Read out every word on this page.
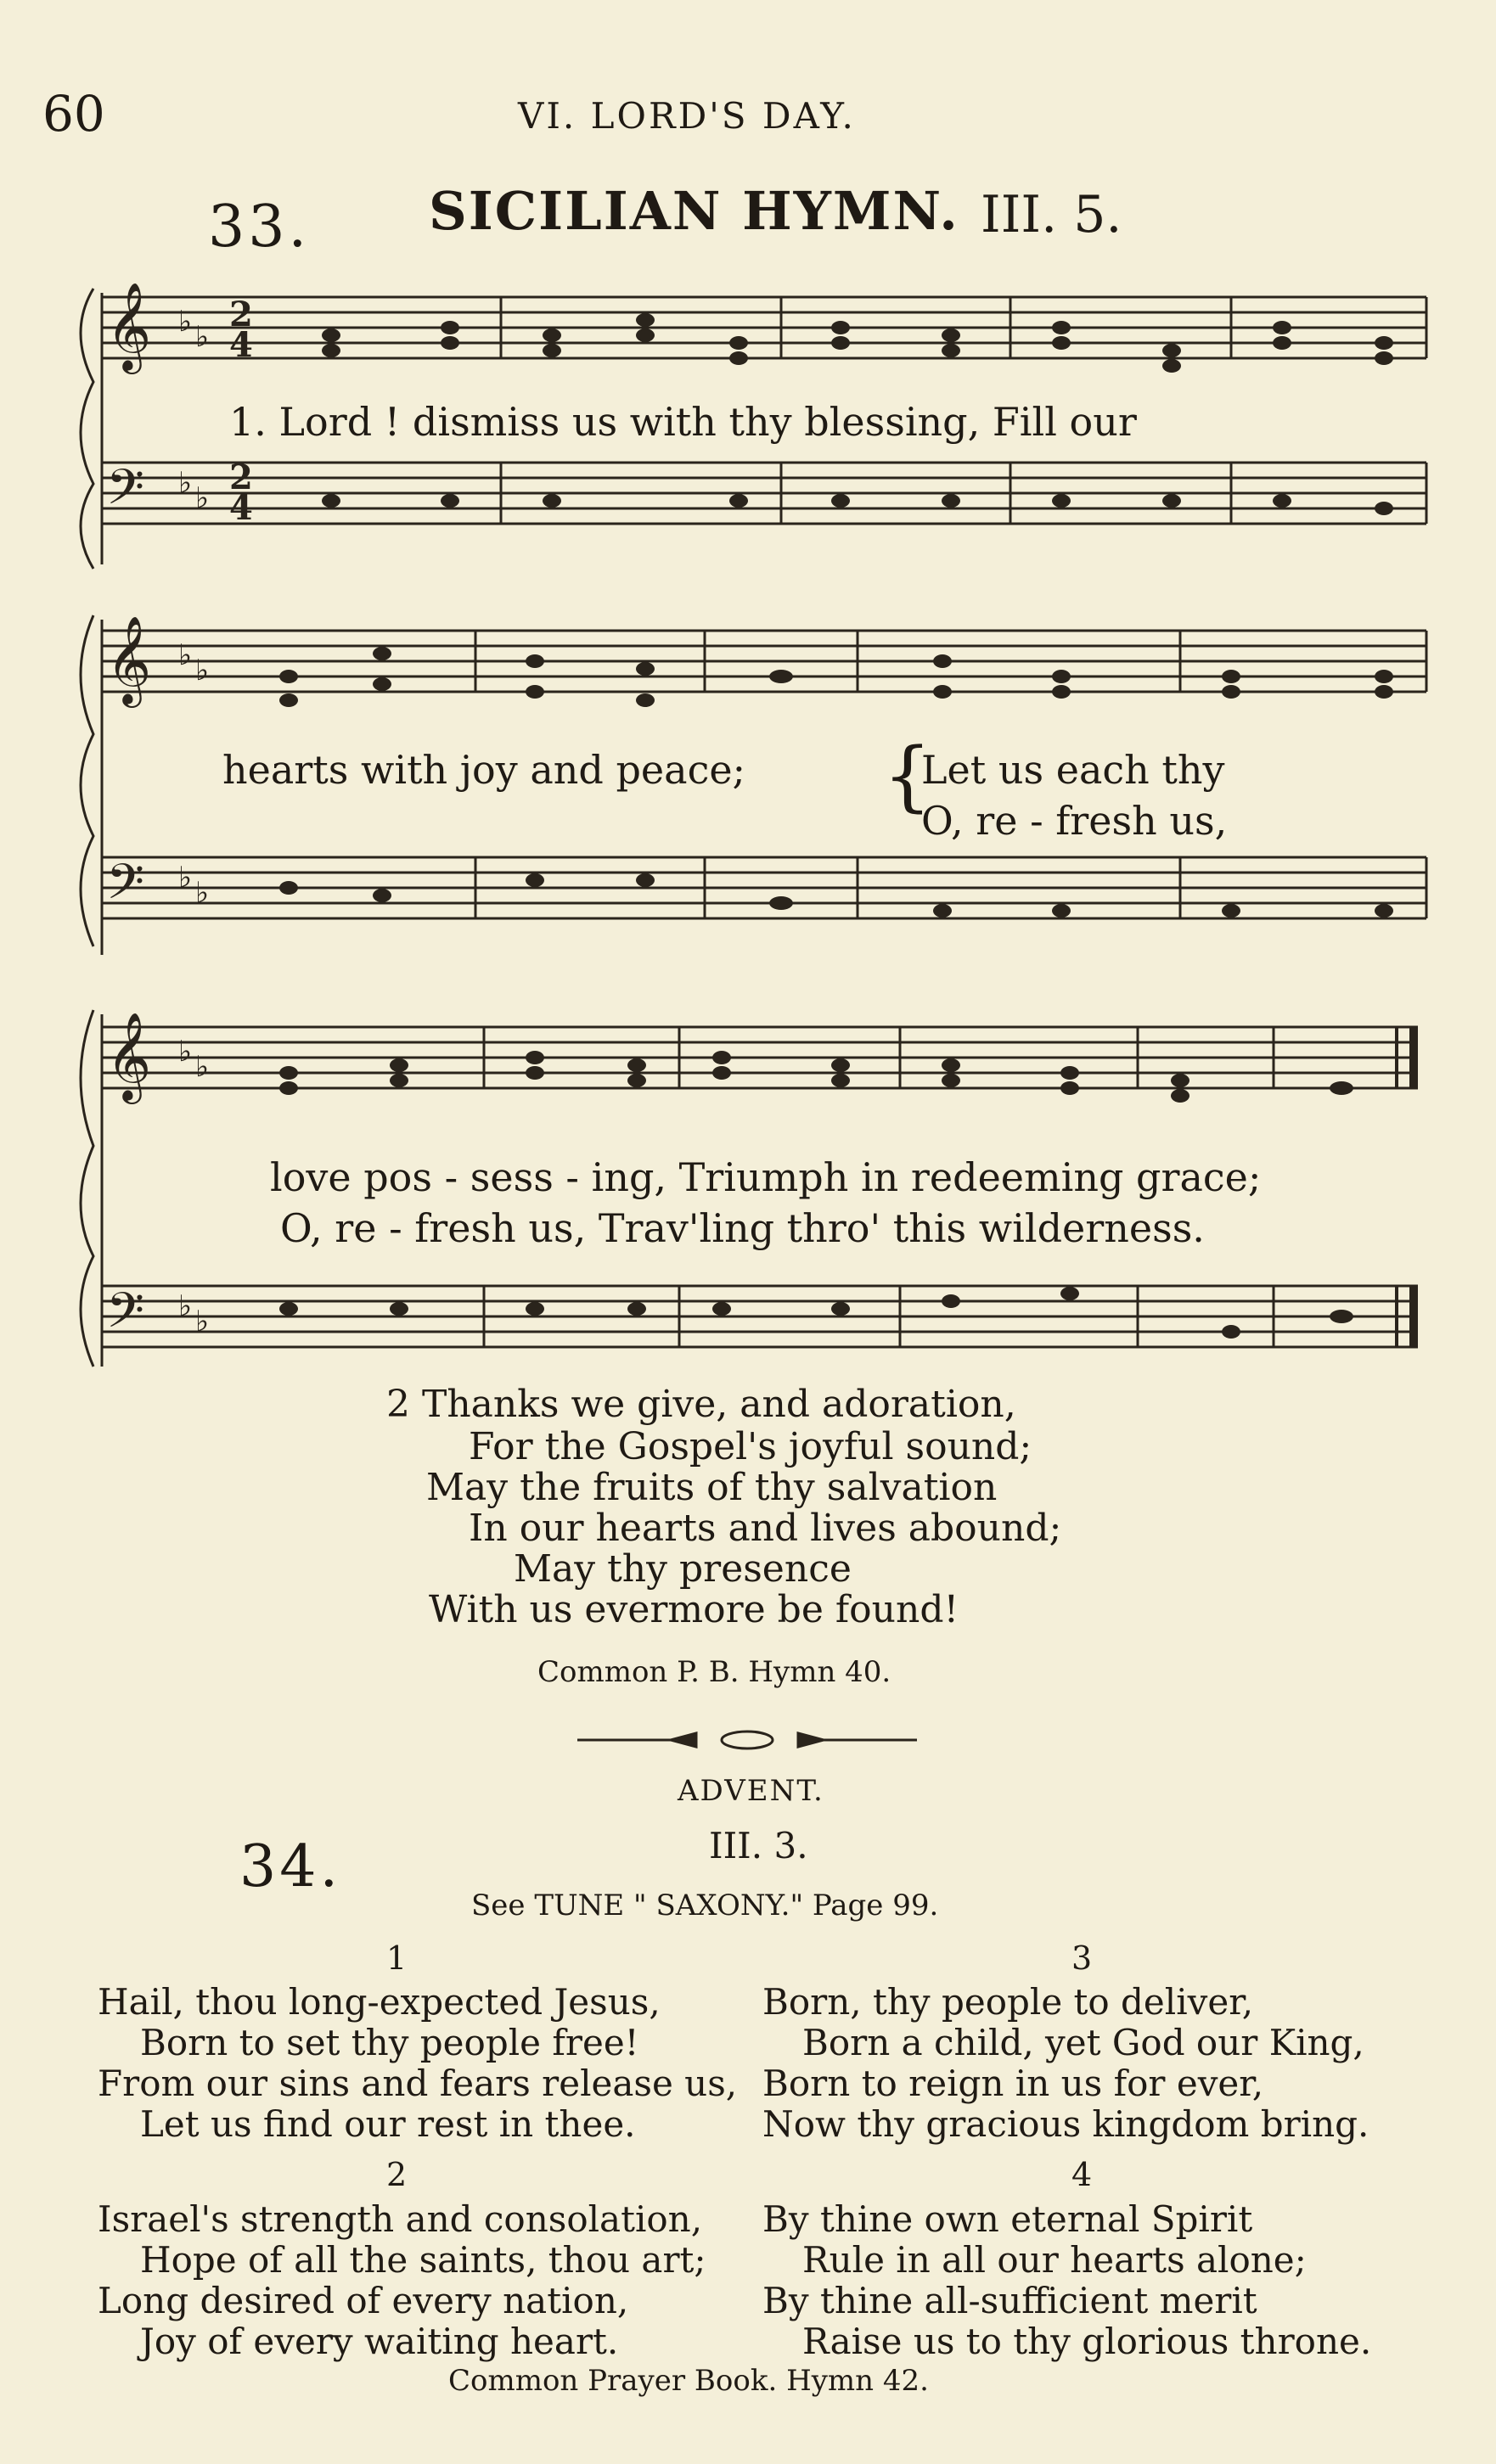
60	VI. LORD'S DAY.
33. SICILIAN HYMN. III. 5.
𝄞
𝄢
♭ ♭
♭ ♭
2
4
2
4
1. Lord ! dismiss us with thy blessing, Fill our
𝄞
𝄢
♭ ♭
♭ ♭
hearts with joy and peace; {
Let us each thy
O, re - fresh us,
𝄞
𝄢
♭ ♭
♭ ♭
love pos - sess - ing, Triumph in redeeming grace;
O, re - fresh us, Trav'ling thro' this wilderness.
2 Thanks we give, and adoration,
For the Gospel's joyful sound;
May the fruits of thy salvation
In our hearts and lives abound;
May thy presence
With us evermore be found!
Common P. B. Hymn 40.
ADVENT.
34.	III. 3.
See TUNE " SAXONY." Page 99.
1
Hail, thou long-expected Jesus,
Born to set thy people free!
From our sins and fears release us,
Let us find our rest in thee.
2
Israel's strength and consolation,
Hope of all the saints, thou art;
Long desired of every nation,
Joy of every waiting heart.
3
Born, thy people to deliver,
Born a child, yet God our King,
Born to reign in us for ever,
Now thy gracious kingdom bring.
4
By thine own eternal Spirit
Rule in all our hearts alone;
By thine all-sufficient merit
Raise us to thy glorious throne.
Common Prayer Book. Hymn 42.
